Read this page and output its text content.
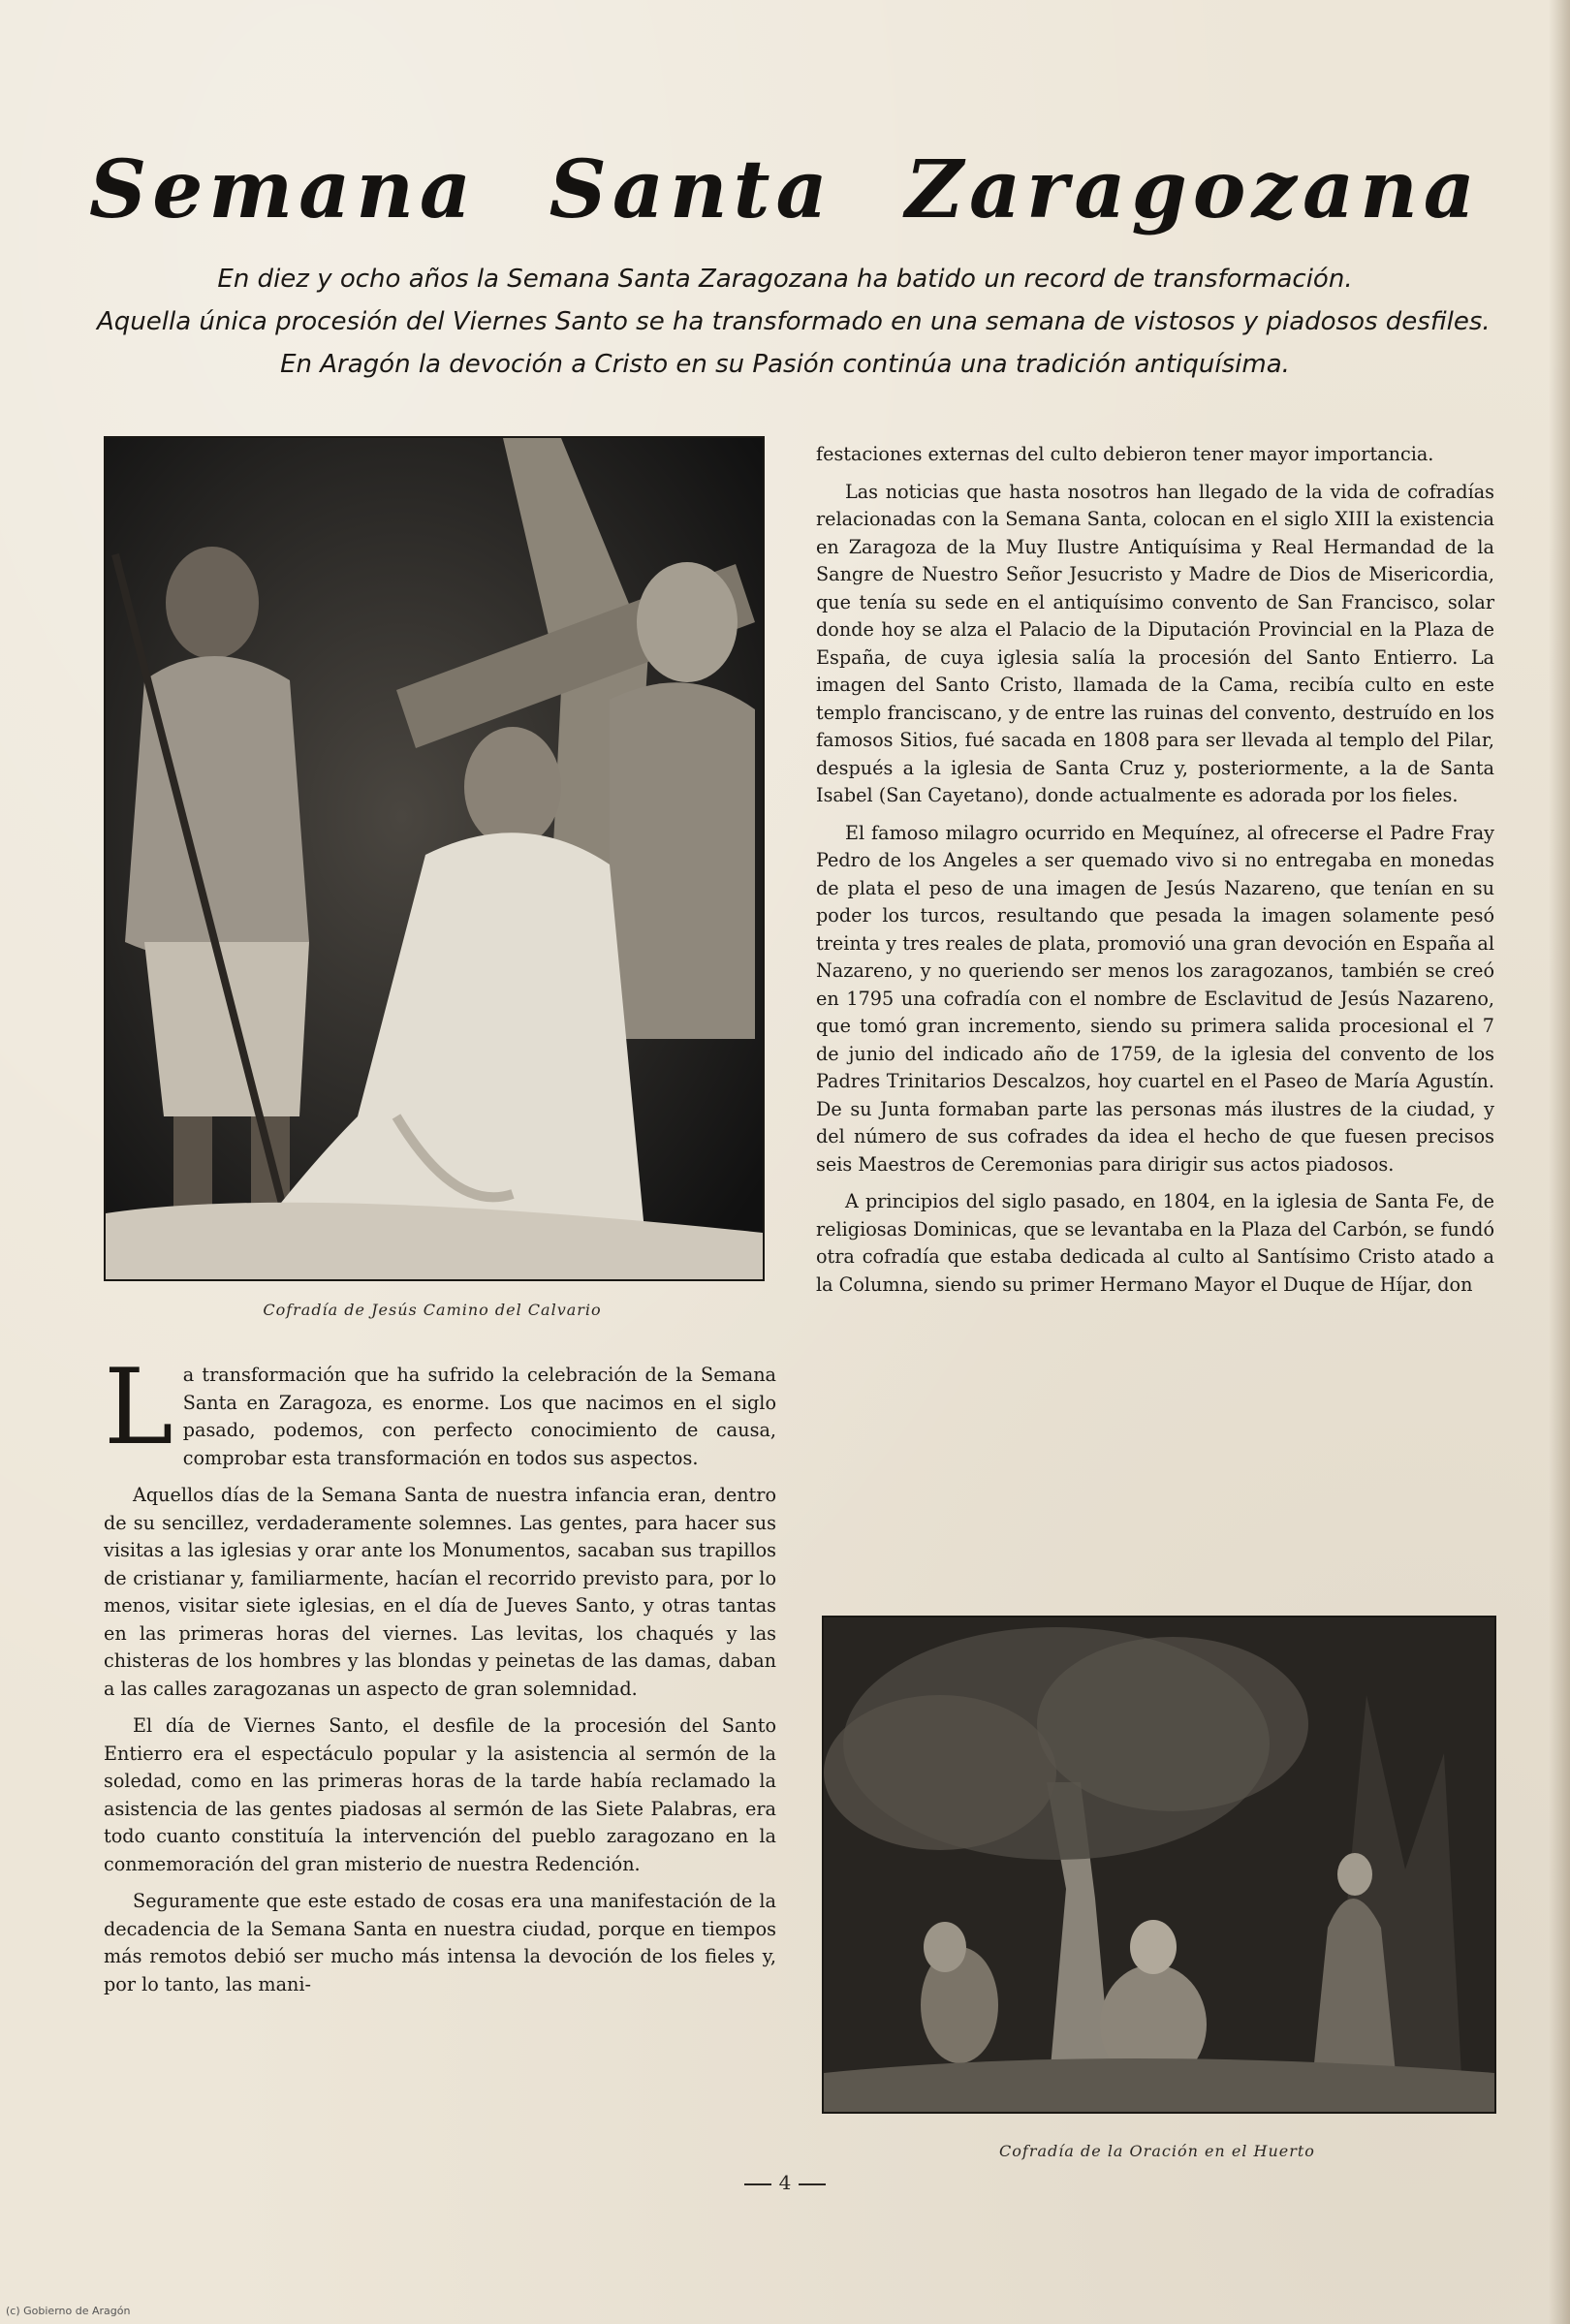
Semana Santa Zaragozana
En diez y ocho años la Semana Santa Zaragozana ha batido un record de transformación.
Aquella única procesión del Viernes Santo se ha transformado en una semana de vistosos y piadosos desfiles.
En Aragón la devoción a Cristo en su Pasión continúa una tradición antiquísima.
Cofradía de Jesús Camino del Calvario
Cofradía de la Oración en el Huerto

La transformación que ha sufrido la celebración de la Semana Santa en Zaragoza, es enorme. Los que nacimos en el siglo pasado, podemos, con perfecto conocimiento de causa, comprobar esta transformación en todos sus aspectos.

Aquellos días de la Semana Santa de nuestra infancia eran, dentro de su sencillez, verdaderamente solemnes. Las gentes, para hacer sus visitas a las iglesias y orar ante los Monumentos, sacaban sus trapillos de cristianar y, familiarmente, hacían el recorrido previsto para, por lo menos, visitar siete iglesias, en el día de Jueves Santo, y otras tantas en las primeras horas del viernes. Las levitas, los chaqués y las chisteras de los hombres y las blondas y peinetas de las damas, daban a las calles zaragozanas un aspecto de gran solemnidad.

El día de Viernes Santo, el desfile de la procesión del Santo Entierro era el espectáculo popular y la asistencia al sermón de la soledad, como en las primeras horas de la tarde había reclamado la asistencia de las gentes piadosas al sermón de las Siete Palabras, era todo cuanto constituía la intervención del pueblo zaragozano en la conmemoración del gran misterio de nuestra Redención.

Seguramente que este estado de cosas era una manifestación de la decadencia de la Semana Santa en nuestra ciudad, porque en tiempos más remotos debió ser mucho más intensa la devoción de los fieles y, por lo tanto, las mani-

festaciones externas del culto debieron tener mayor importancia.

Las noticias que hasta nosotros han llegado de la vida de cofradías relacionadas con la Semana Santa, colocan en el siglo XIII la existencia en Zaragoza de la Muy Ilustre Antiquísima y Real Hermandad de la Sangre de Nuestro Señor Jesucristo y Madre de Dios de Misericordia, que tenía su sede en el antiquísimo convento de San Francisco, solar donde hoy se alza el Palacio de la Diputación Provincial en la Plaza de España, de cuya iglesia salía la procesión del Santo Entierro. La imagen del Santo Cristo, llamada de la Cama, recibía culto en este templo franciscano, y de entre las ruinas del convento, destruído en los famosos Sitios, fué sacada en 1808 para ser llevada al templo del Pilar, después a la iglesia de Santa Cruz y, posteriormente, a la de Santa Isabel (San Cayetano), donde actualmente es adorada por los fieles.

El famoso milagro ocurrido en Mequínez, al ofrecerse el Padre Fray Pedro de los Angeles a ser quemado vivo si no entregaba en monedas de plata el peso de una imagen de Jesús Nazareno, que tenían en su poder los turcos, resultando que pesada la imagen solamente pesó treinta y tres reales de plata, promovió una gran devoción en España al Nazareno, y no queriendo ser menos los zaragozanos, también se creó en 1795 una cofradía con el nombre de Esclavitud de Jesús Nazareno, que tomó gran incremento, siendo su primera salida procesional el 7 de junio del indicado año de 1759, de la iglesia del convento de los Padres Trinitarios Descalzos, hoy cuartel en el Paseo de María Agustín. De su Junta formaban parte las personas más ilustres de la ciudad, y del número de sus cofrades da idea el hecho de que fuesen precisos seis Maestros de Ceremonias para dirigir sus actos piadosos.

A principios del siglo pasado, en 1804, en la iglesia de Santa Fe, de religiosas Dominicas, que se levantaba en la Plaza del Carbón, se fundó otra cofradía que estaba dedicada al culto al Santísimo Cristo atado a la Columna, siendo su primer Hermano Mayor el Duque de Híjar, don

4
(c) Gobierno de Aragón
